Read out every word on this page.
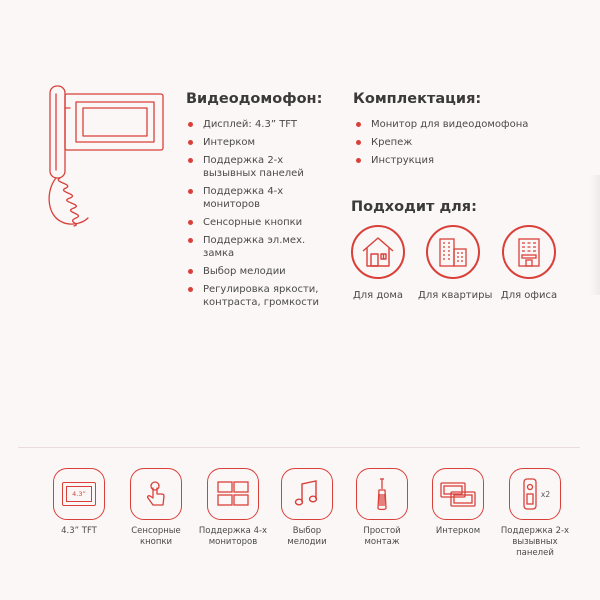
Видеодомофон:
Дисплей: 4.3” TFT
Интерком
Поддержка 2-х вызывных панелей
Поддержка 4-х мониторов
Сенсорные кнопки
Поддержка эл.мех. замка
Выбор мелодии
Регулировка яркости, контраста, громкости
Комплектация:
Монитор для видеодомофона
Крепеж
Инструкция
Подходит для:
Для дома	Для квартиры Для офиса
4.3”
4.3” TFT	Сенсорные кнопки
Поддержка 4-х мониторов
Выбор мелодии
Простой монтаж
Интерком
x2
Поддержка 2-х вызывных панелей
